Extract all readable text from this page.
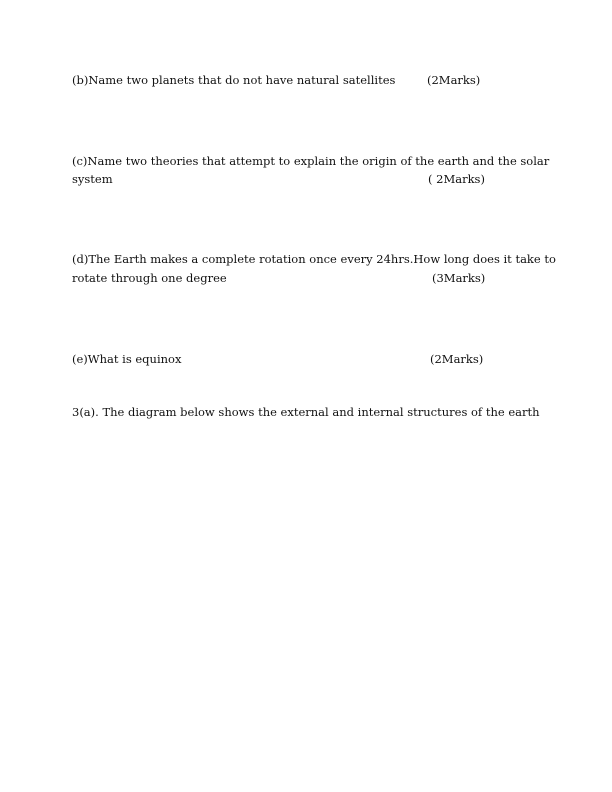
(b)Name two planets that do not have natural satellites	(2Marks)
(c)Name two theories that attempt to explain the origin of the earth and the solar
system	( 2Marks)
(d)The Earth makes a complete rotation once every 24hrs.How long does it take to
rotate through one degree	(3Marks)
(e)What is equinox	(2Marks)
3(a). The diagram below shows the external and internal structures of the earth
